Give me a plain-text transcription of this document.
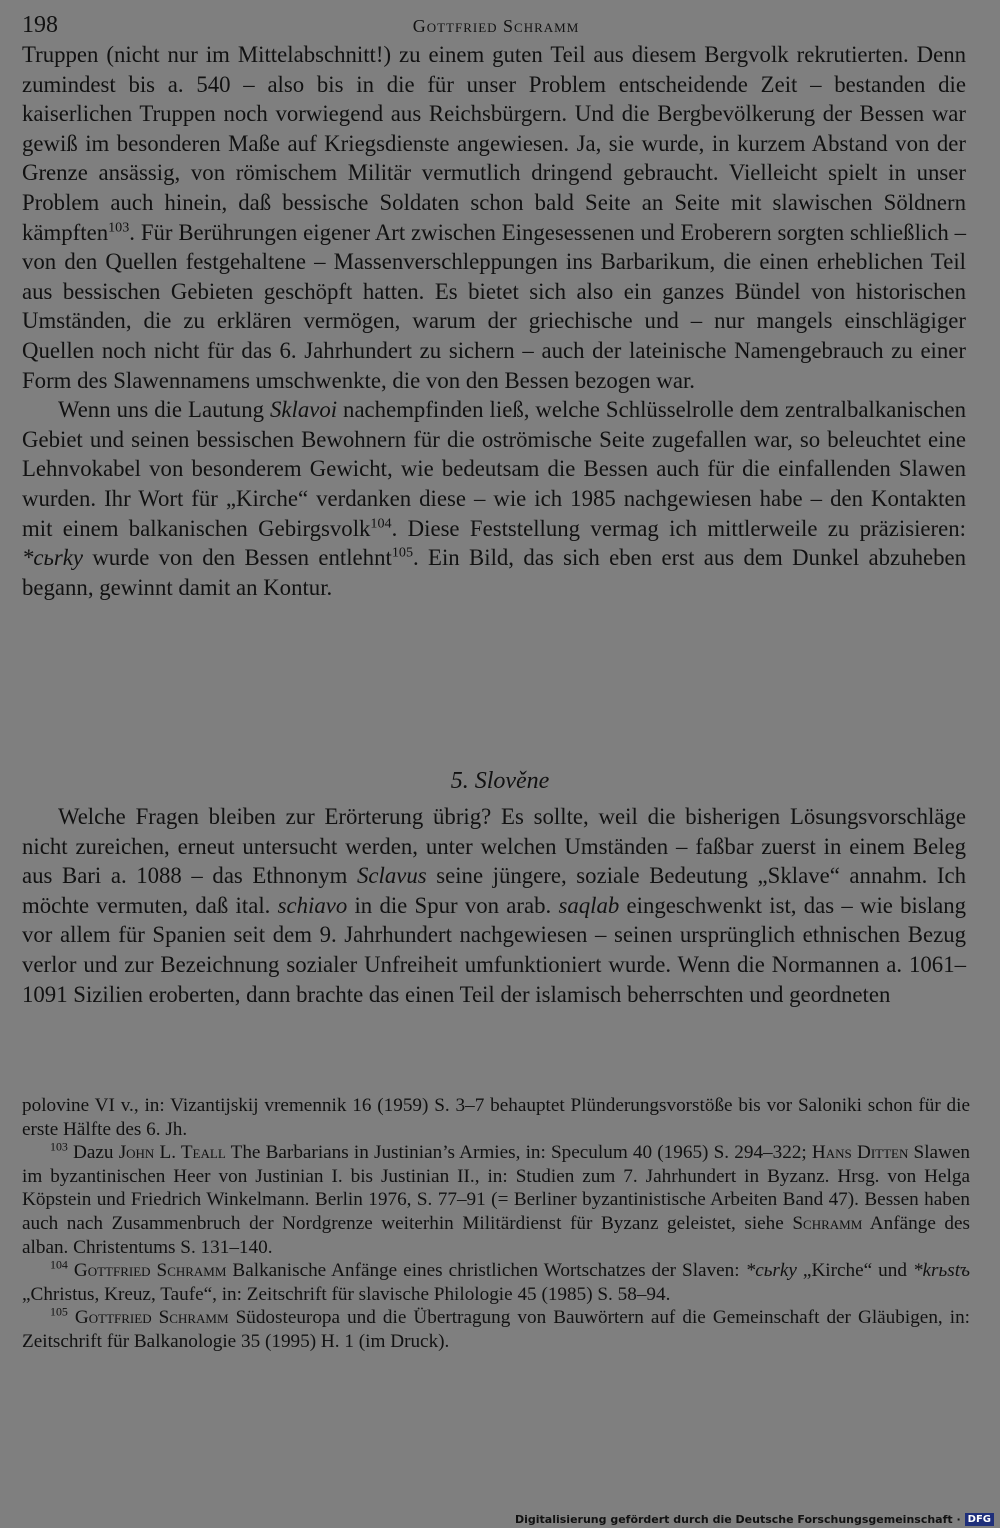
198	Gottfried Schramm

Truppen (nicht nur im Mittelabschnitt!) zu einem guten Teil aus diesem Bergvolk rekrutierten. Denn zumindest bis a. 540 – also bis in die für unser Problem entscheidende Zeit – bestanden die kaiserlichen Truppen noch vorwiegend aus Reichsbürgern. Und die Bergbevölkerung der Bessen war gewiß im besonderen Maße auf Kriegsdienste angewiesen. Ja, sie wurde, in kurzem Abstand von der Grenze ansässig, von römischem Militär vermutlich dringend gebraucht. Vielleicht spielt in unser Problem auch hinein, daß bessische Soldaten schon bald Seite an Seite mit slawischen Söldnern kämpften$^{103}$. Für Berührungen eigener Art zwischen Eingesessenen und Eroberern sorgten schließlich – von den Quellen festgehaltene – Massenverschleppungen ins Barbarikum, die einen erheblichen Teil aus bessischen Gebieten geschöpft hatten. Es bietet sich also ein ganzes Bündel von historischen Umständen, die zu erklären vermögen, warum der griechische und – nur mangels einschlägiger Quellen noch nicht für das 6. Jahrhundert zu sichern – auch der lateinische Namengebrauch zu einer Form des Slawennamens umschwenkte, die von den Bessen bezogen war.

Wenn uns die Lautung Sklavoi nachempfinden ließ, welche Schlüsselrolle dem zentralbalkanischen Gebiet und seinen bessischen Bewohnern für die oströmische Seite zugefallen war, so beleuchtet eine Lehnvokabel von besonderem Gewicht, wie bedeutsam die Bessen auch für die einfallenden Slawen wurden. Ihr Wort für „Kirche“ verdanken diese – wie ich 1985 nachgewiesen habe – den Kontakten mit einem balkanischen Gebirgsvolk$^{104}$. Diese Feststellung vermag ich mittlerweile zu präzisieren: *cьrky wurde von den Bessen entlehnt$^{105}$. Ein Bild, das sich eben erst aus dem Dunkel abzuheben begann, gewinnt damit an Kontur.

5. Slověne

Welche Fragen bleiben zur Erörterung übrig? Es sollte, weil die bisherigen Lösungsvorschläge nicht zureichen, erneut untersucht werden, unter welchen Umständen – faßbar zuerst in einem Beleg aus Bari a. 1088 – das Ethnonym Sclavus seine jüngere, soziale Bedeutung „Sklave“ annahm. Ich möchte vermuten, daß ital. schiavo in die Spur von arab. saqlab eingeschwenkt ist, das – wie bislang vor allem für Spanien seit dem 9. Jahrhundert nachgewiesen – seinen ursprünglich ethnischen Bezug verlor und zur Bezeichnung sozialer Unfreiheit umfunktioniert wurde. Wenn die Normannen a. 1061–1091 Sizilien eroberten, dann brachte das einen Teil der islamisch beherrschten und geordneten

polovine VI v., in: Vizantijskij vremennik 16 (1959) S. 3–7 behauptet Plünderungsvorstöße bis vor Saloniki schon für die erste Hälfte des 6. Jh.

$^{103}$ Dazu John L. Teall The Barbarians in Justinian’s Armies, in: Speculum 40 (1965) S. 294–322; Hans Ditten Slawen im byzantinischen Heer von Justinian I. bis Justinian II., in: Studien zum 7. Jahrhundert in Byzanz. Hrsg. von Helga Köpstein und Friedrich Winkelmann. Berlin 1976, S. 77–91 (= Berliner byzantinistische Arbeiten Band 47). Bessen haben auch nach Zusammenbruch der Nordgrenze weiterhin Militärdienst für Byzanz geleistet, siehe Schramm Anfänge des alban. Christentums S. 131–140.

$^{104}$ Gottfried Schramm Balkanische Anfänge eines christlichen Wortschatzes der Slaven: *cьrky „Kirche“ und *krьstъ „Christus, Kreuz, Taufe“, in: Zeitschrift für slavische Philologie 45 (1985) S. 58–94.

$^{105}$ Gottfried Schramm Südosteuropa und die Übertragung von Bauwörtern auf die Gemeinschaft der Gläubigen, in: Zeitschrift für Balkanologie 35 (1995) H. 1 (im Druck).

Digitalisierung gefördert durch die Deutsche Forschungsgemeinschaft · DFG
